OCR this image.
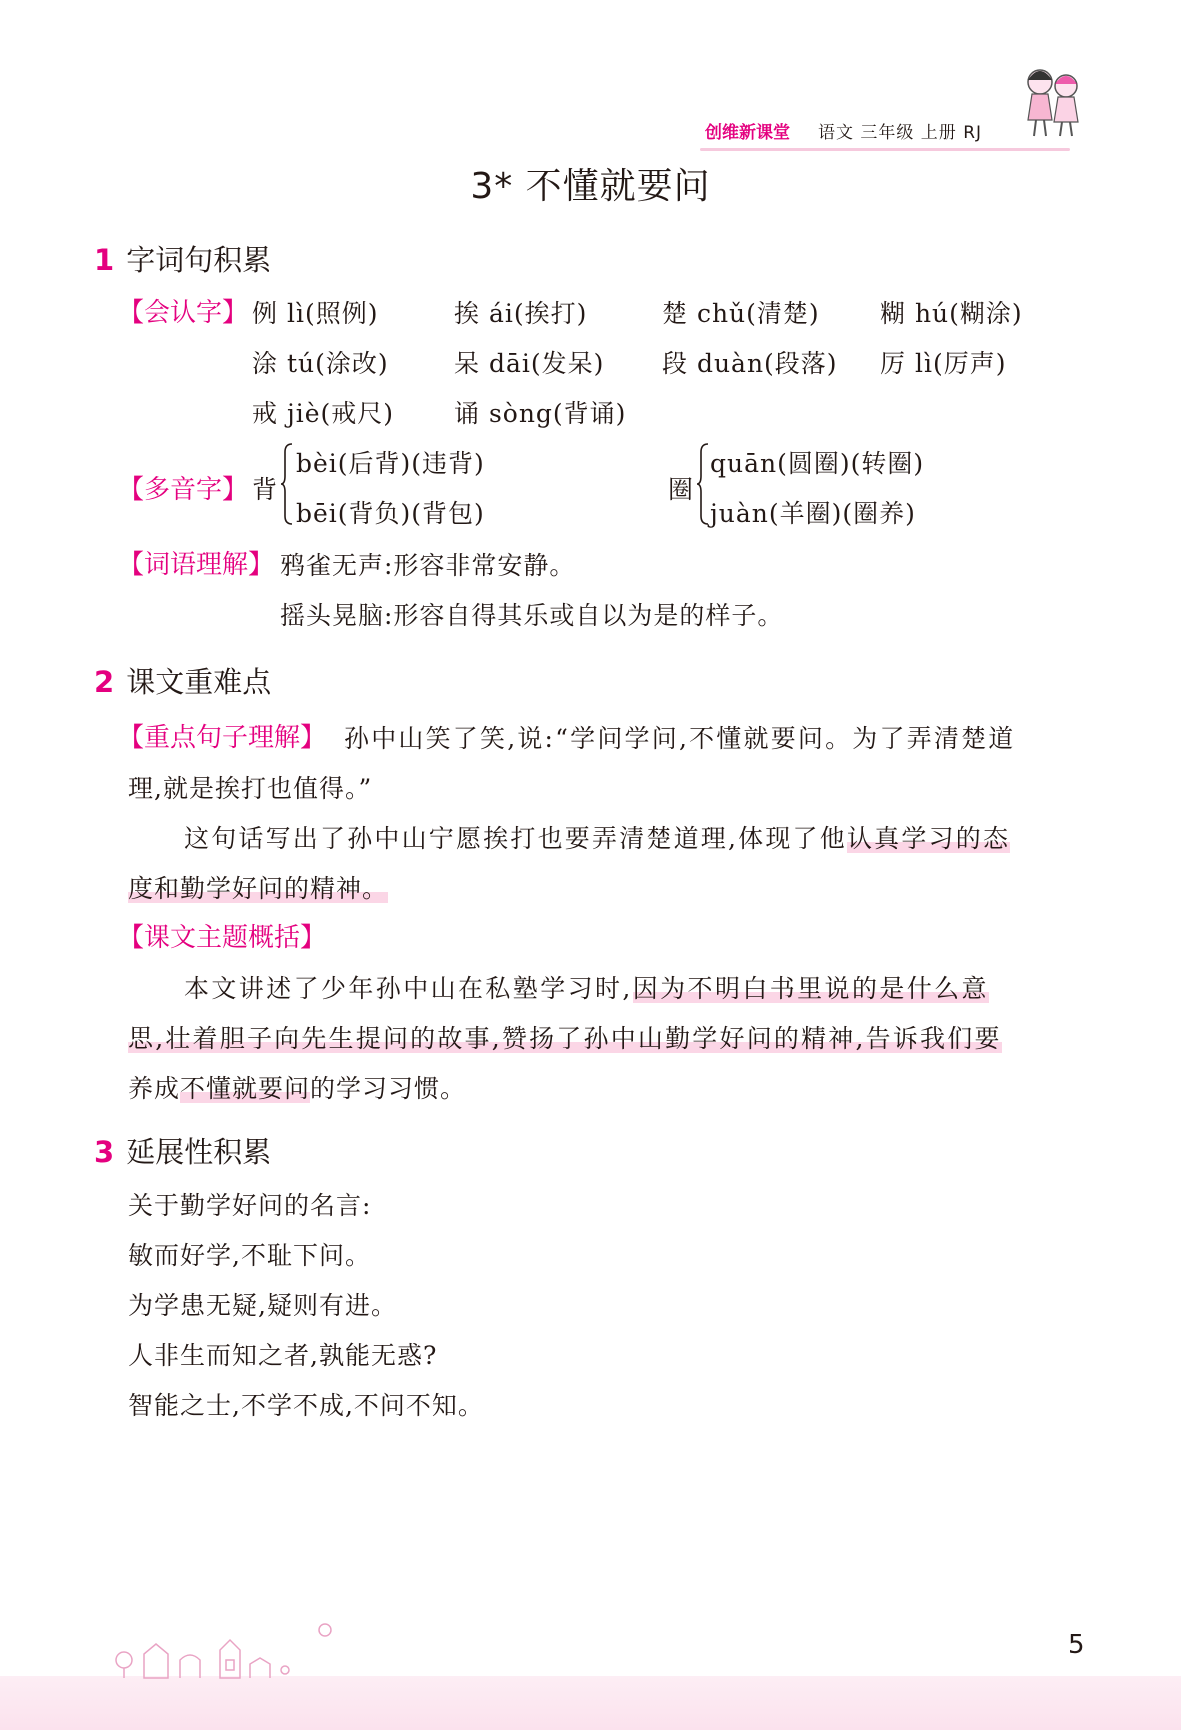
创维新课堂 语文 三年级 上册 RJ
3* 不懂就要问
1 字词句积累
【会认字】 例 lì(照例)	挨 ái(挨打)	楚 chǔ(清楚) 糊 hú(糊涂)
涂 tú(涂改)	呆 dāi(发呆) 段 duàn(段落) 厉 lì(厉声)
戒 jiè(戒尺) 诵 sòng(背诵)
【多音字】 背
bèi(后背)(违背)
bēi(背负)(背包)
圈
quān(圆圈)(转圈)
juàn(羊圈)(圈养)
【词语理解】 鸦雀无声:形容非常安静。
摇头晃脑:形容自得其乐或自以为是的样子。
2 课文重难点
【重点句子理解】 孙中山笑了笑,说:“学问学问,不懂就要问。为了弄清楚道
理,就是挨打也值得。”
这句话写出了孙中山宁愿挨打也要弄清楚道理,体现了他认真学习的态
度和勤学好问的精神。
【课文主题概括】
本文讲述了少年孙中山在私塾学习时,因为不明白书里说的是什么意
思,壮着胆子向先生提问的故事,赞扬了孙中山勤学好问的精神,告诉我们要
养成不懂就要问的学习习惯。
3 延展性积累
关于勤学好问的名言:
敏而好学,不耻下问。
为学患无疑,疑则有进。
人非生而知之者,孰能无惑?
智能之士,不学不成,不问不知。
5
